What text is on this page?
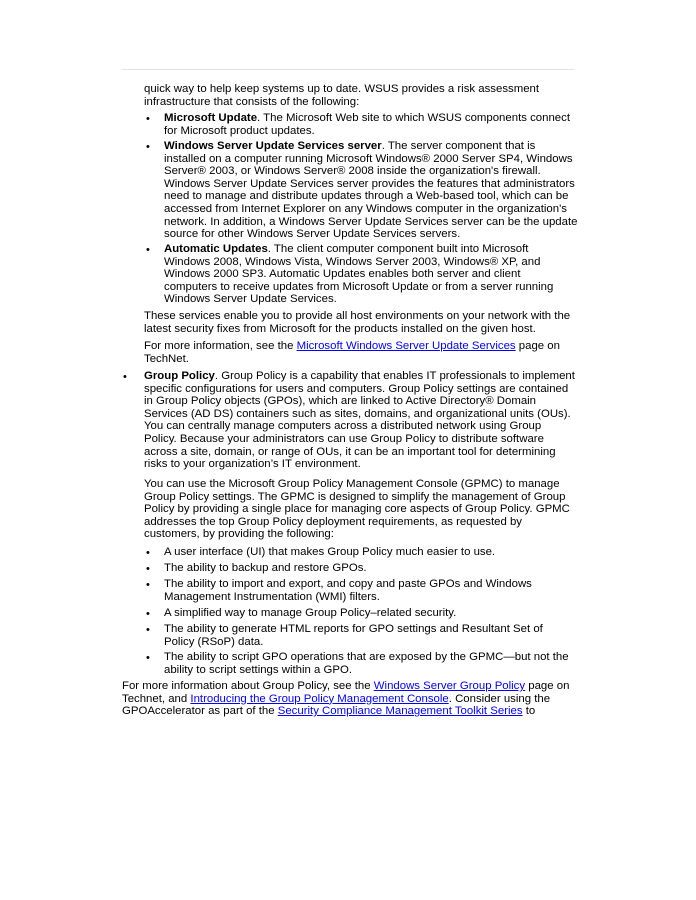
quick way to help keep systems up to date. WSUS provides a risk assessment infrastructure that consists of the following:

• Microsoft Update. The Microsoft Web site to which WSUS components connect for Microsoft product updates.

• Windows Server Update Services server. The server component that is installed on a computer running Microsoft Windows® 2000 Server SP4, Windows Server® 2003, or Windows Server® 2008 inside the organization's firewall. Windows Server Update Services server provides the features that administrators need to manage and distribute updates through a Web-based tool, which can be accessed from Internet Explorer on any Windows computer in the organization's network. In addition, a Windows Server Update Services server can be the update source for other Windows Server Update Services servers.

• Automatic Updates. The client computer component built into Microsoft Windows 2008, Windows Vista, Windows Server 2003, Windows® XP, and Windows 2000 SP3. Automatic Updates enables both server and client computers to receive updates from Microsoft Update or from a server running Windows Server Update Services.

These services enable you to provide all host environments on your network with the latest security fixes from Microsoft for the products installed on the given host.

For more information, see the Microsoft Windows Server Update Services page on TechNet.

• Group Policy. Group Policy is a capability that enables IT professionals to implement specific configurations for users and computers. Group Policy settings are contained in Group Policy objects (GPOs), which are linked to Active Directory® Domain Services (AD DS) containers such as sites, domains, and organizational units (OUs). You can centrally manage computers across a distributed network using Group Policy. Because your administrators can use Group Policy to distribute software across a site, domain, or range of OUs, it can be an important tool for determining risks to your organization’s IT environment.

You can use the Microsoft Group Policy Management Console (GPMC) to manage Group Policy settings. The GPMC is designed to simplify the management of Group Policy by providing a single place for managing core aspects of Group Policy. GPMC addresses the top Group Policy deployment requirements, as requested by customers, by providing the following:

• A user interface (UI) that makes Group Policy much easier to use.

• The ability to backup and restore GPOs.

• The ability to import and export, and copy and paste GPOs and Windows Management Instrumentation (WMI) filters.

• A simplified way to manage Group Policy–related security.

• The ability to generate HTML reports for GPO settings and Resultant Set of Policy (RSoP) data.

• The ability to script GPO operations that are exposed by the GPMC—but not the ability to script settings within a GPO.

For more information about Group Policy, see the Windows Server Group Policy page on Technet, and Introducing the Group Policy Management Console. Consider using the GPOAccelerator as part of the Security Compliance Management Toolkit Series to
